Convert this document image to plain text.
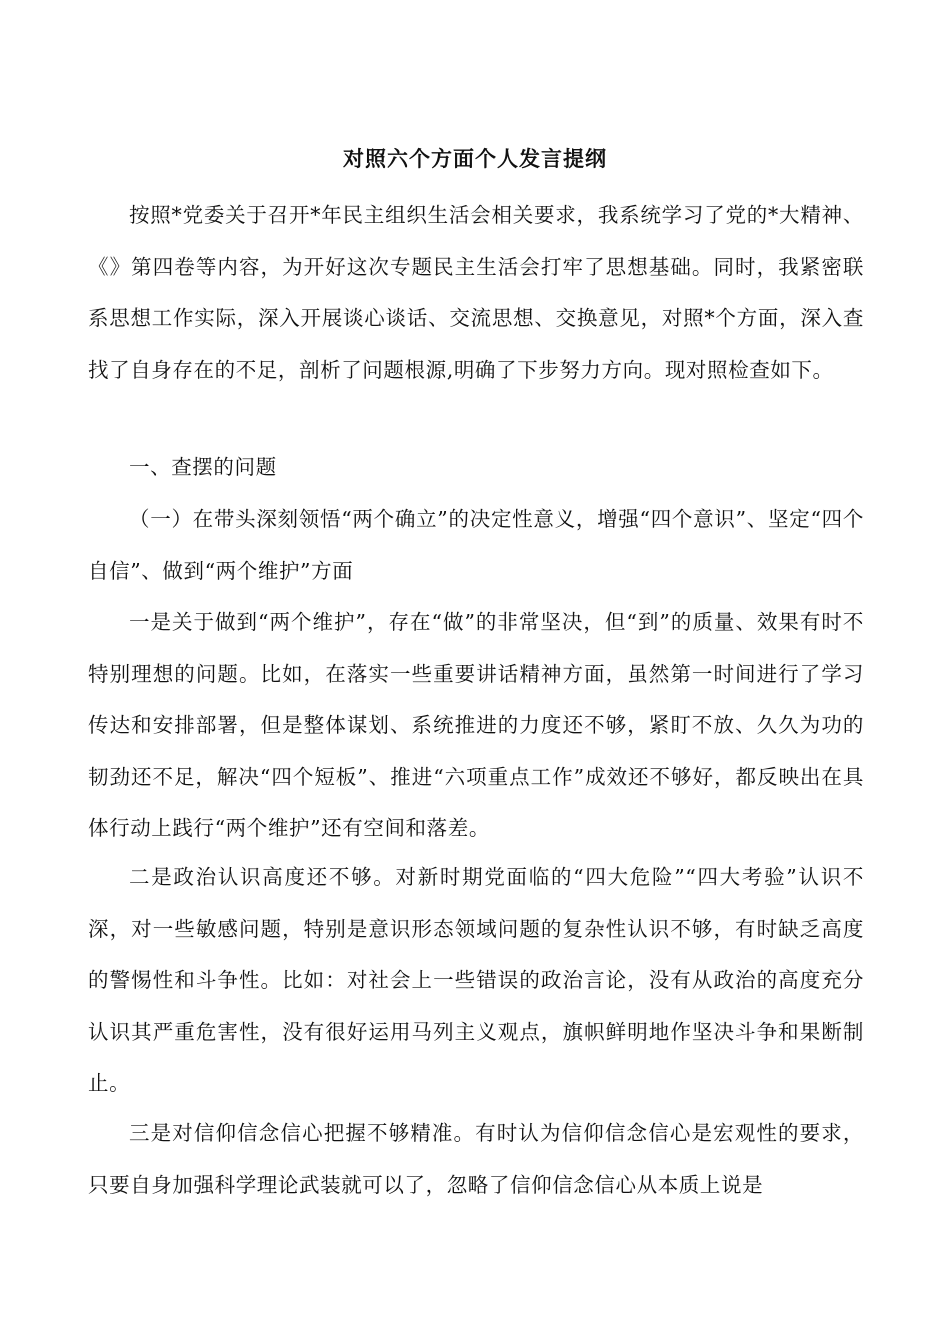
对照六个方面个人发言提纲

按照*党委关于召开*年民主组织生活会相关要求，我系统学习了党的*大精神、《》第四卷等内容，为开好这次专题民主生活会打牢了思想基础。同时，我紧密联系思想工作实际，深入开展谈心谈话、交流思想、交换意见，对照*个方面，深入查找了自身存在的不足，剖析了问题根源,明确了下步努力方向。现对照检查如下。

一、查摆的问题

（一）在带头深刻领悟“两个确立”的决定性意义，增强“四个意识”、坚定“四个自信”、做到“两个维护”方面

一是关于做到“两个维护”，存在“做”的非常坚决，但“到”的质量、效果有时不特别理想的问题。比如，在落实一些重要讲话精神方面，虽然第一时间进行了学习传达和安排部署，但是整体谋划、系统推进的力度还不够，紧盯不放、久久为功的韧劲还不足，解决“四个短板”、推进“六项重点工作”成效还不够好，都反映出在具体行动上践行“两个维护”还有空间和落差。

二是政治认识高度还不够。对新时期党面临的“四大危险”“四大考验”认识不深，对一些敏感问题，特别是意识形态领域问题的复杂性认识不够，有时缺乏高度的警惕性和斗争性。比如：对社会上一些错误的政治言论，没有从政治的高度充分认识其严重危害性，没有很好运用马列主义观点，旗帜鲜明地作坚决斗争和果断制止。

三是对信仰信念信心把握不够精准。有时认为信仰信念信心是宏观性的要求，只要自身加强科学理论武装就可以了，忽略了信仰信念信心从本质上说是
